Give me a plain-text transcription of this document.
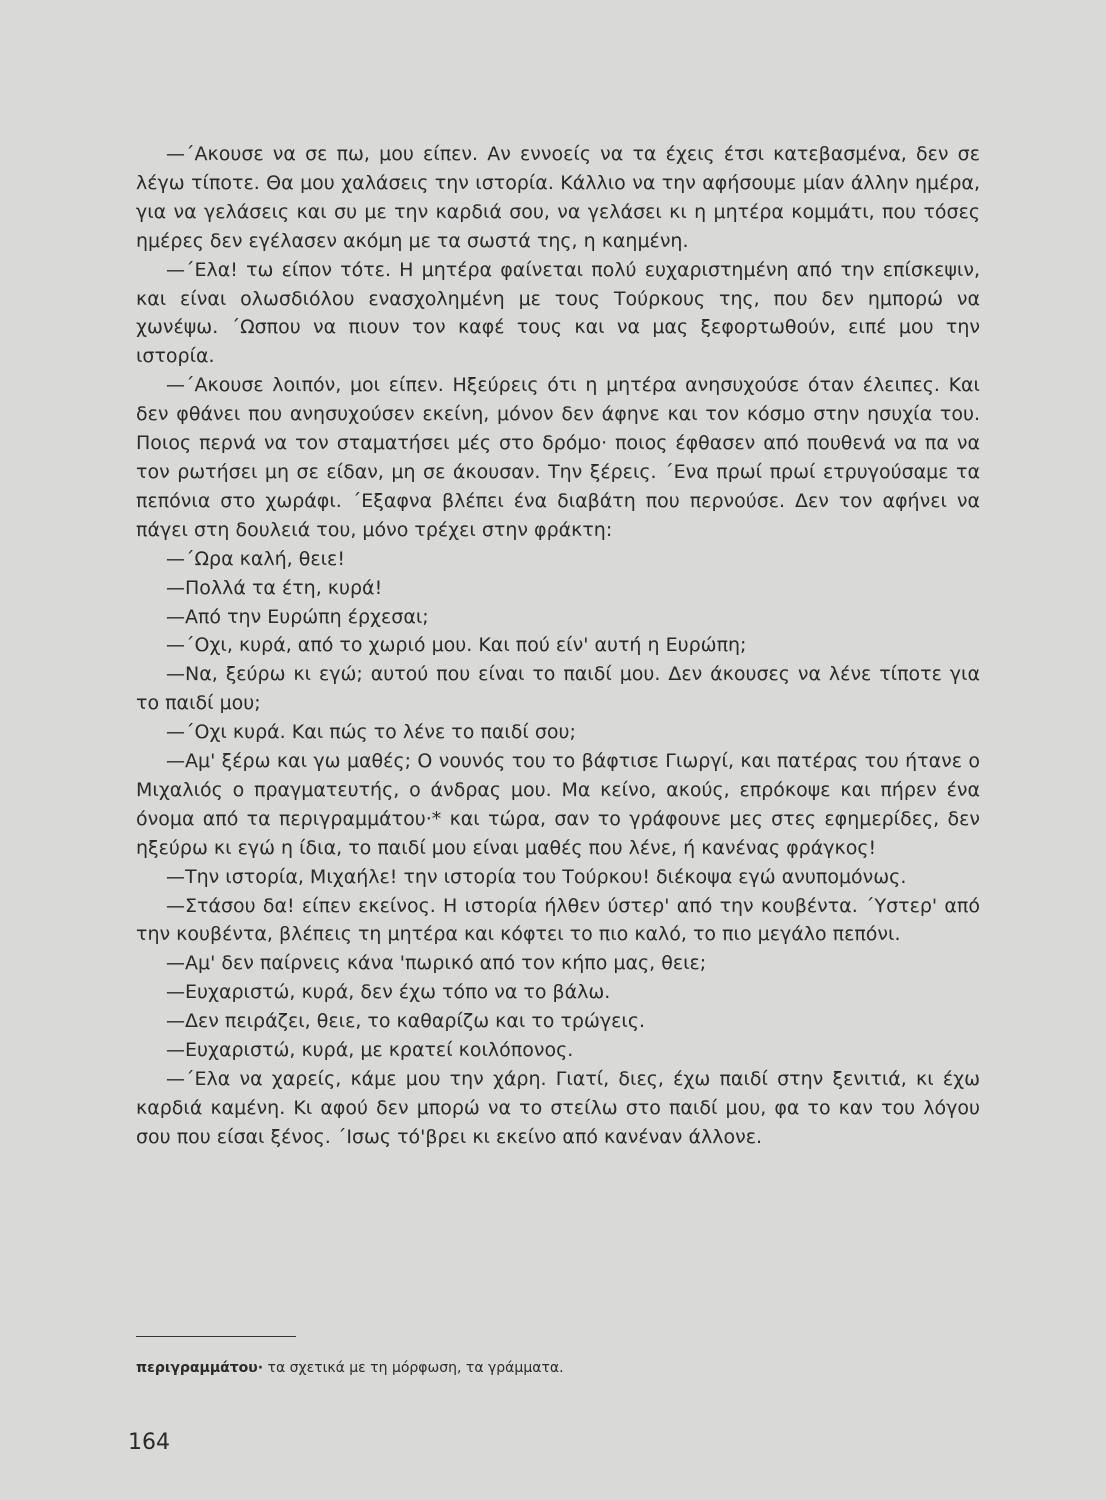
—΄Ακουσε να σε πω, μου είπεν. Αν εννοείς να τα έχεις έτσι κατεβασμένα, δεν σε λέγω τίποτε. Θα μου χαλάσεις την ιστορία. Κάλλιο να την αφήσουμε μίαν άλλην ημέρα, για να γελάσεις και συ με την καρδιά σου, να γελάσει κι η μητέρα κομμάτι, που τόσες ημέρες δεν εγέλασεν ακόμη με τα σωστά της, η καημένη.

—΄Ελα! τω είπον τότε. Η μητέρα φαίνεται πολύ ευχαριστημένη από την επίσκεψιν, και είναι ολωσδιόλου ενασχολημένη με τους Τούρκους της, που δεν ημπορώ να χωνέψω. ΄Ωσπου να πιουν τον καφέ τους και να μας ξεφορτωθούν, ειπέ μου την ιστορία.

—΄Ακουσε λοιπόν, μοι είπεν. Ηξεύρεις ότι η μητέρα ανησυχούσε όταν έλειπες. Και δεν φθάνει που ανησυχούσεν εκείνη, μόνον δεν άφηνε και τον κόσμο στην ησυχία του. Ποιος περνά να τον σταματήσει μές στο δρόμο· ποιος έφθασεν από πουθενά να πα να τον ρωτήσει μη σε είδαν, μη σε άκουσαν. Την ξέρεις. ΄Ενα πρωί πρωί ετρυγούσαμε τα πεπόνια στο χωράφι. ΄Εξαφνα βλέπει ένα διαβάτη που περνούσε. Δεν τον αφήνει να πάγει στη δουλειά του, μόνο τρέχει στην φράκτη:

—΄Ωρα καλή, θειε!

—Πολλά τα έτη, κυρά!

—Από την Ευρώπη έρχεσαι;

—΄Οχι, κυρά, από το χωριό μου. Και πού είν' αυτή η Ευρώπη;

—Να, ξεύρω κι εγώ; αυτού που είναι το παιδί μου. Δεν άκουσες να λένε τίποτε για το παιδί μου;

—΄Οχι κυρά. Και πώς το λένε το παιδί σου;

—Αμ' ξέρω και γω μαθές; Ο νουνός του το βάφτισε Γιωργί, και πατέρας του ήτανε ο Μιχαλιός ο πραγματευτής, ο άνδρας μου. Μα κείνο, ακούς, επρόκοψε και πήρεν ένα όνομα από τα περιγραμμάτου·* και τώρα, σαν το γράφουνε μες στες εφημερίδες, δεν ηξεύρω κι εγώ η ίδια, το παιδί μου είναι μαθές που λένε, ή κανένας φράγκος!

—Την ιστορία, Μιχαήλε! την ιστορία του Τούρκου! διέκοψα εγώ ανυπομόνως.

—Στάσου δα! είπεν εκείνος. Η ιστορία ήλθεν ύστερ' από την κουβέντα. ΄Υστερ' από την κουβέντα, βλέπεις τη μητέρα και κόφτει το πιο καλό, το πιο μεγάλο πεπόνι.

—Αμ' δεν παίρνεις κάνα 'πωρικό από τον κήπο μας, θειε;

—Ευχαριστώ, κυρά, δεν έχω τόπο να το βάλω.

—Δεν πειράζει, θειε, το καθαρίζω και το τρώγεις.

—Ευχαριστώ, κυρά, με κρατεί κοιλόπονος.

—΄Ελα να χαρείς, κάμε μου την χάρη. Γιατί, διες, έχω παιδί στην ξενιτιά, κι έχω καρδιά καμένη. Κι αφού δεν μπορώ να το στείλω στο παιδί μου, φα το καν του λόγου σου που είσαι ξένος. ΄Ισως τό'βρει κι εκείνο από κανέναν άλλονε.

περιγραμμάτου· τα σχετικά με τη μόρφωση, τα γράμματα.
164
